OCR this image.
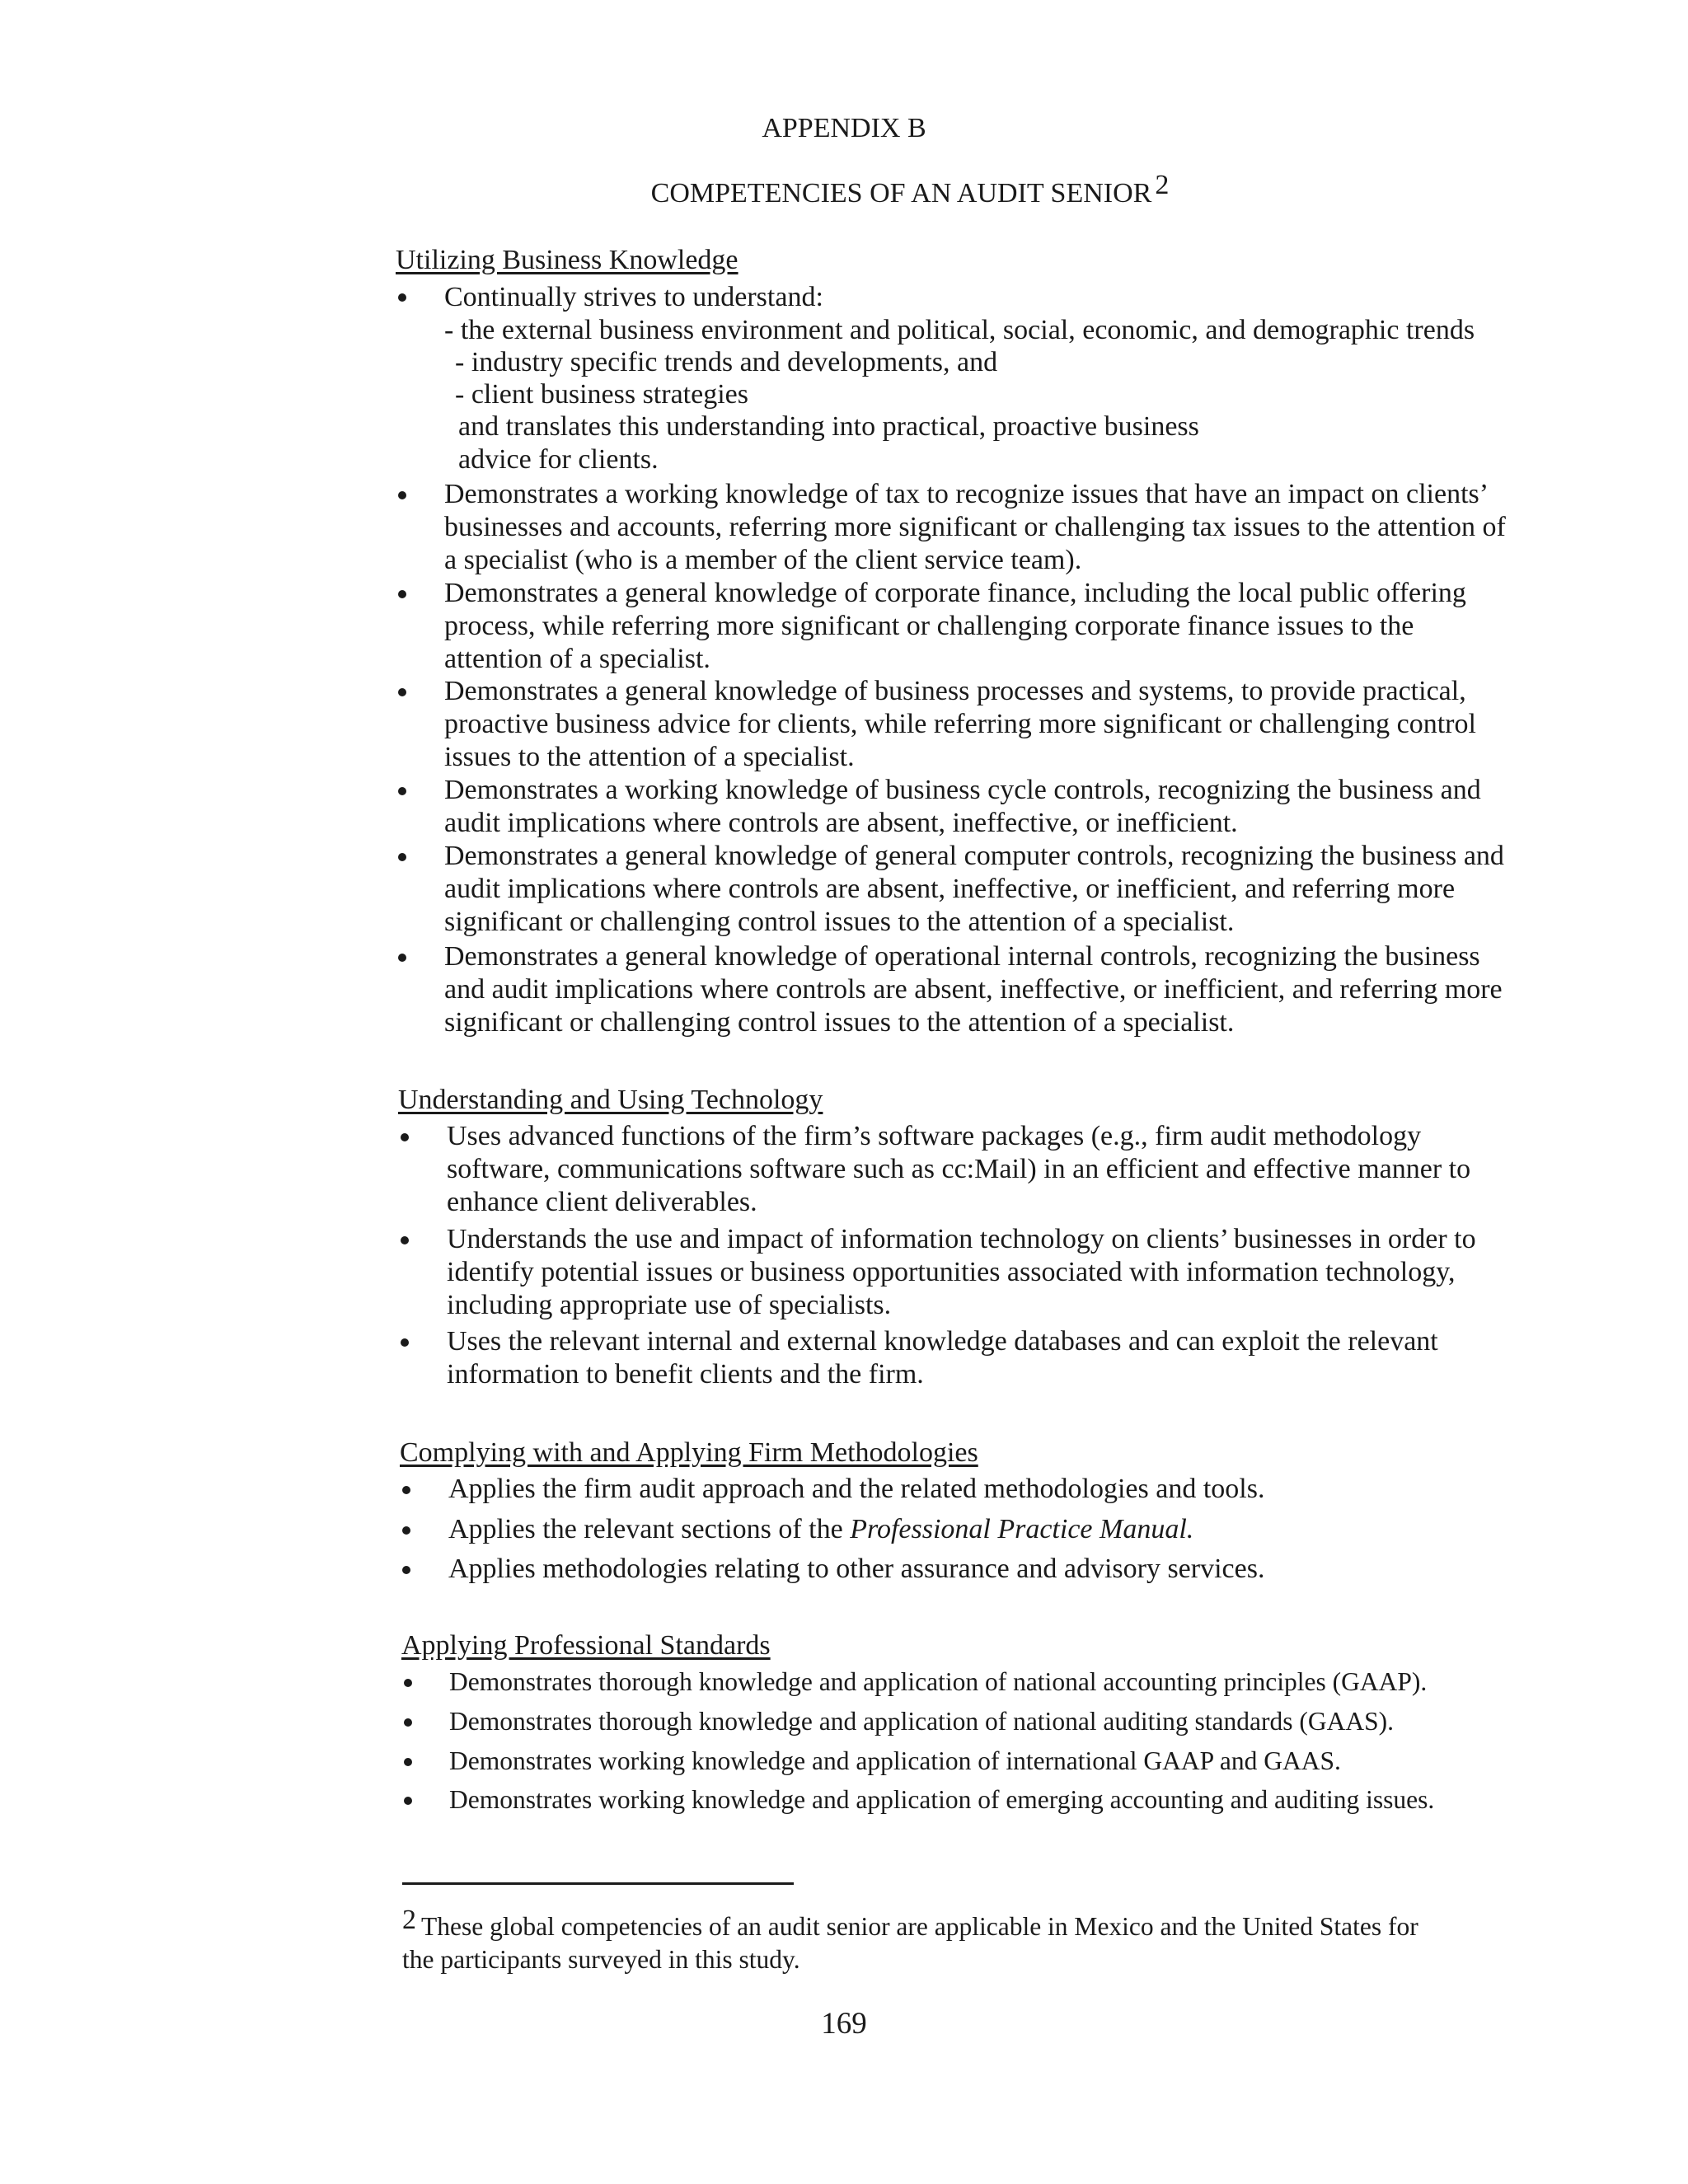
APPENDIX B
COMPETENCIES OF AN AUDIT SENIOR $^2$
Utilizing Business Knowledge
Continually strives to understand:
- the external business environment and political, social, economic, and demographic trends
- industry specific trends and developments, and
- client business strategies
and translates this understanding into practical, proactive business
advice for clients.
Demonstrates a working knowledge of tax to recognize issues that have an impact on clients’
businesses and accounts, referring more significant or challenging tax issues to the attention of
a specialist (who is a member of the client service team).
Demonstrates a general knowledge of corporate finance, including the local public offering
process, while referring more significant or challenging corporate finance issues to the
attention of a specialist.
Demonstrates a general knowledge of business processes and systems, to provide practical,
proactive business advice for clients, while referring more significant or challenging control
issues to the attention of a specialist.
Demonstrates a working knowledge of business cycle controls, recognizing the business and
audit implications where controls are absent, ineffective, or inefficient.
Demonstrates a general knowledge of general computer controls, recognizing the business and
audit implications where controls are absent, ineffective, or inefficient, and referring more
significant or challenging control issues to the attention of a specialist.
Demonstrates a general knowledge of operational internal controls, recognizing the business
and audit implications where controls are absent, ineffective, or inefficient, and referring more
significant or challenging control issues to the attention of a specialist.
Understanding and Using Technology
Uses advanced functions of the firm’s software packages (e.g., firm audit methodology
software, communications software such as cc:Mail) in an efficient and effective manner to
enhance client deliverables.
Understands the use and impact of information technology on clients’ businesses in order to
identify potential issues or business opportunities associated with information technology,
including appropriate use of specialists.
Uses the relevant internal and external knowledge databases and can exploit the relevant
information to benefit clients and the firm.
Complying with and Applying Firm Methodologies
Applies the firm audit approach and the related methodologies and tools.
Applies the relevant sections of the Professional Practice Manual.
Applies methodologies relating to other assurance and advisory services.
Applying Professional Standards
Demonstrates thorough knowledge and application of national accounting principles (GAAP).
Demonstrates thorough knowledge and application of national auditing standards (GAAS).
Demonstrates working knowledge and application of international GAAP and GAAS.
Demonstrates working knowledge and application of emerging accounting and auditing issues.
2 These global competencies of an audit senior are applicable in Mexico and the United States for
the participants surveyed in this study.
169
